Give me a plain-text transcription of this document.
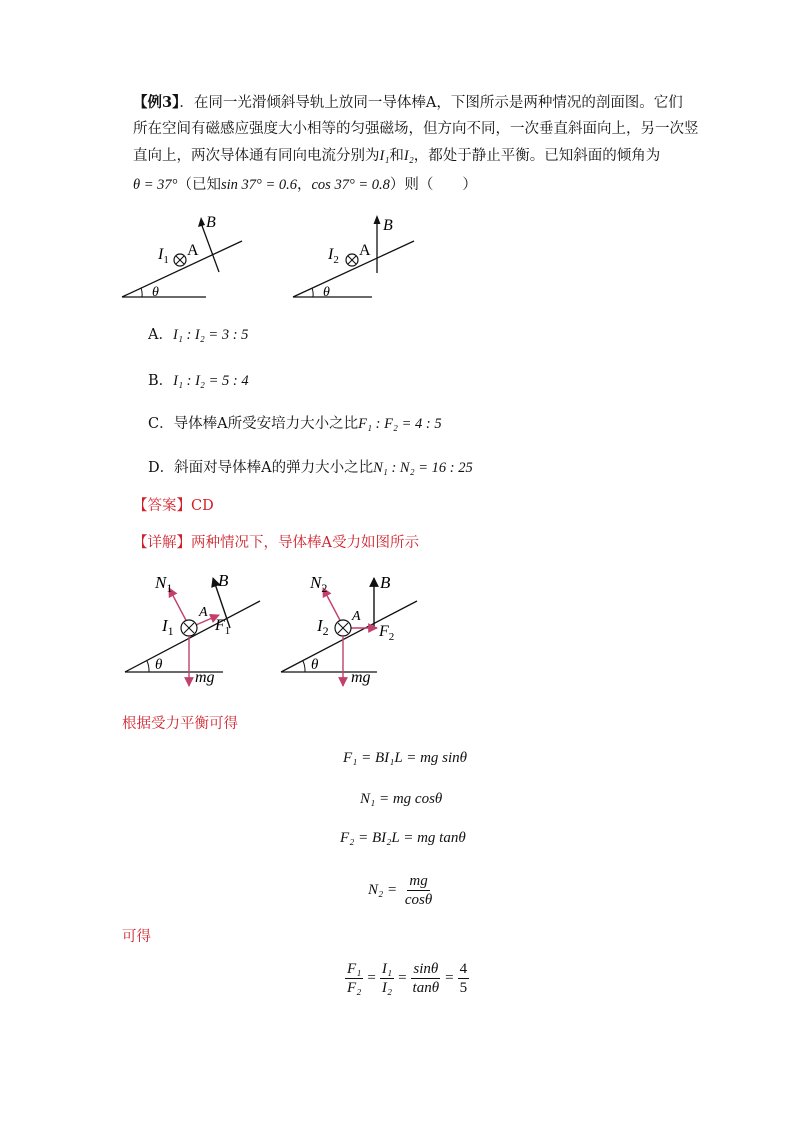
【例3】．在同一光滑倾斜导轨上放同一导体棒A，下图所示是两种情况的剖面图。它们
所在空间有磁感应强度大小相等的匀强磁场，但方向不同，一次垂直斜面向上，另一次竖
直向上，两次导体通有同向电流分别为I₁和I₂，都处于静止平衡。已知斜面的倾角为
θ = 37°（已知sin 37° = 0.6，cos 37° = 0.8）则（　　）
θ
$I_1$
A
B
θ
$I_2$
A
B
A．I₁ : I₂ = 3 : 5
B．I₁ : I₂ = 5 : 4
C．导体棒A所受安培力大小之比F₁ : F₂ = 4 : 5
D．斜面对导体棒A的弹力大小之比N₁ : N₂ = 16 : 25
【答案】CD
【详解】两种情况下，导体棒A受力如图所示
θ
$N_1$	B
A
$F_1$
$I_1$
mg
θ
$N_2$	B
A
$F_2$
$I_2$
mg
根据受力平衡可得
F₁ = BI₁L = mg sinθ
N₁ = mg cosθ
F₂ = BI₂L = mg tanθ
$N_2 = \frac{mg}{\cos\theta}$
可得
$\frac{\text{F₁}}{\text{F₂}} = \frac{\text{I₁}}{\text{I₂}} = \frac{\sin\theta}{\tan\theta} = \frac{4}{5}$
